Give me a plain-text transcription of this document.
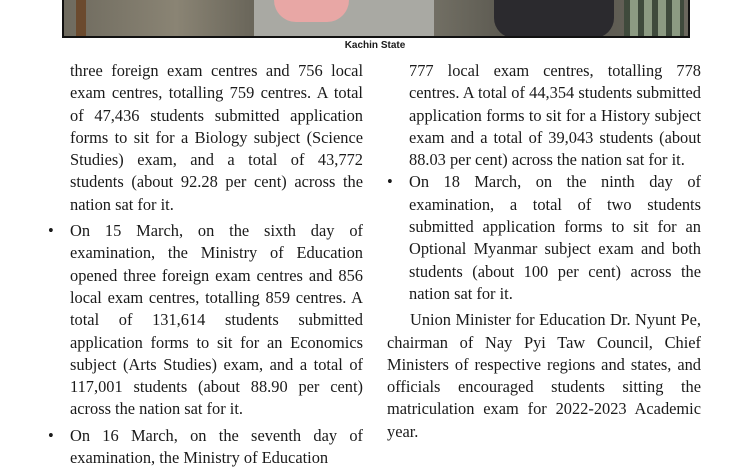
Kachin State

three foreign exam centres and 756 local exam centres, totalling 759 centres. A total of 47,436 students submitted application forms to sit for a Biology subject (Science Studies) exam, and a total of 43,772 students (about 92.28 per cent) across the nation sat for it.

• On 15 March, on the sixth day of examination, the Ministry of Education opened three foreign exam centres and 856 local exam centres, totalling 859 centres. A total of 131,614 students submitted application forms to sit for an Economics subject (Arts Studies) exam, and a total of 117,001 students (about 88.90 per cent) across the nation sat for it.

• On 16 March, on the seventh day of examination, the Ministry of Education

777 local exam centres, totalling 778 centres. A total of 44,354 students submitted application forms to sit for a History subject exam and a total of 39,043 students (about 88.03 per cent) across the nation sat for it.

• On 18 March, on the ninth day of examination, a total of two students submitted application forms to sit for an Optional Myanmar subject exam and both students (about 100 per cent) across the nation sat for it.

Union Minister for Education Dr. Nyunt Pe, chairman of Nay Pyi Taw Council, Chief Ministers of respective regions and states, and officials encouraged students sitting the matriculation exam for 2022-2023 Academic year.
